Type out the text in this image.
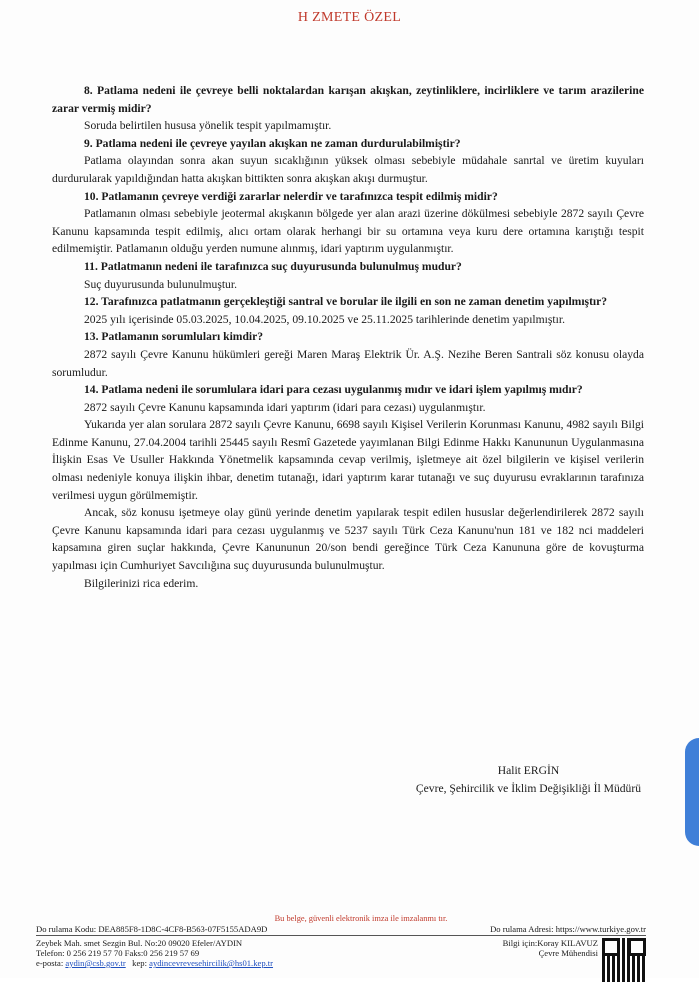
H ZMETE ÖZEL

8. Patlama nedeni ile çevreye belli noktalardan karışan akışkan, zeytinliklere, incirliklere ve tarım arazilerine zarar vermiş midir?

Soruda belirtilen hususa yönelik tespit yapılmamıştır.

9. Patlama nedeni ile çevreye yayılan akışkan ne zaman durdurulabilmiştir?

Patlama olayından sonra akan suyun sıcaklığının yüksek olması sebebiyle müdahale sanrtal ve üretim kuyuları durdurularak yapıldığından hatta akışkan bittikten sonra akışkan akışı durmuştur.

10. Patlamanın çevreye verdiği zararlar nelerdir ve tarafınızca tespit edilmiş midir?

Patlamanın olması sebebiyle jeotermal akışkanın bölgede yer alan arazi üzerine dökülmesi sebebiyle 2872 sayılı Çevre Kanunu kapsamında tespit edilmiş, alıcı ortam olarak herhangi bir su ortamına veya kuru dere ortamına karıştığı tespit edilmemiştir. Patlamanın olduğu yerden numune alınmış, idari yaptırım uygulanmıştır.

11. Patlatmanın nedeni ile tarafınızca suç duyurusunda bulunulmuş mudur?

Suç duyurusunda bulunulmuştur.

12. Tarafınızca patlatmanın gerçekleştiği santral ve borular ile ilgili en son ne zaman denetim yapılmıştır?

2025 yılı içerisinde 05.03.2025, 10.04.2025, 09.10.2025 ve 25.11.2025 tarihlerinde denetim yapılmıştır.

13. Patlamanın sorumluları kimdir?

2872 sayılı Çevre Kanunu hükümleri gereği Maren Maraş Elektrik Ür. A.Ş. Nezihe Beren Santrali söz konusu olayda sorumludur.

14. Patlama nedeni ile sorumlulara idari para cezası uygulanmış mıdır ve idari işlem yapılmış mıdır?

2872 sayılı Çevre Kanunu kapsamında idari yaptırım (idari para cezası) uygulanmıştır.

Yukarıda yer alan sorulara 2872 sayılı Çevre Kanunu, 6698 sayılı Kişisel Verilerin Korunması Kanunu, 4982 sayılı Bilgi Edinme Kanunu, 27.04.2004 tarihli 25445 sayılı Resmî Gazetede yayımlanan Bilgi Edinme Hakkı Kanununun Uygulanmasına İlişkin Esas Ve Usuller Hakkında Yönetmelik kapsamında cevap verilmiş, işletmeye ait özel bilgilerin ve kişisel verilerin olması nedeniyle konuya ilişkin ihbar, denetim tutanağı, idari yaptırım karar tutanağı ve suç duyurusu evraklarının tarafınıza verilmesi uygun görülmemiştir.

Ancak, söz konusu işetmeye olay günü yerinde denetim yapılarak tespit edilen hususlar değerlendirilerek 2872 sayılı Çevre Kanunu kapsamında idari para cezası uygulanmış ve 5237 sayılı Türk Ceza Kanunu'nun 181 ve 182 nci maddeleri kapsamına giren suçlar hakkında, Çevre Kanununun 20/son bendi gereğince Türk Ceza Kanununa göre de kovuşturma yapılması için Cumhuriyet Savcılığına suç duyurusunda bulunulmuştur.

Bilgilerinizi rica ederim.

Halit ERGİN
Çevre, Şehircilik ve İklim Değişikliği İl Müdürü
Bu belge, güvenli elektronik imza ile imzalanmı tır.
Do rulama Kodu: DEA885F8-1D8C-4CF8-B563-07F5155ADA9D	Do rulama Adresi: https://www.turkiye.gov.tr
Zeybek Mah. smet Sezgin Bul. No:20 09020 Efeler/AYDIN
Telefon: 0 256 219 57 70 Faks:0 256 219 57 69
e-posta: aydin@csb.gov.tr kep: aydincevrevesehircilik@hs01.kep.tr
Bilgi için:Koray KILAVUZ
Çevre Mühendisi
